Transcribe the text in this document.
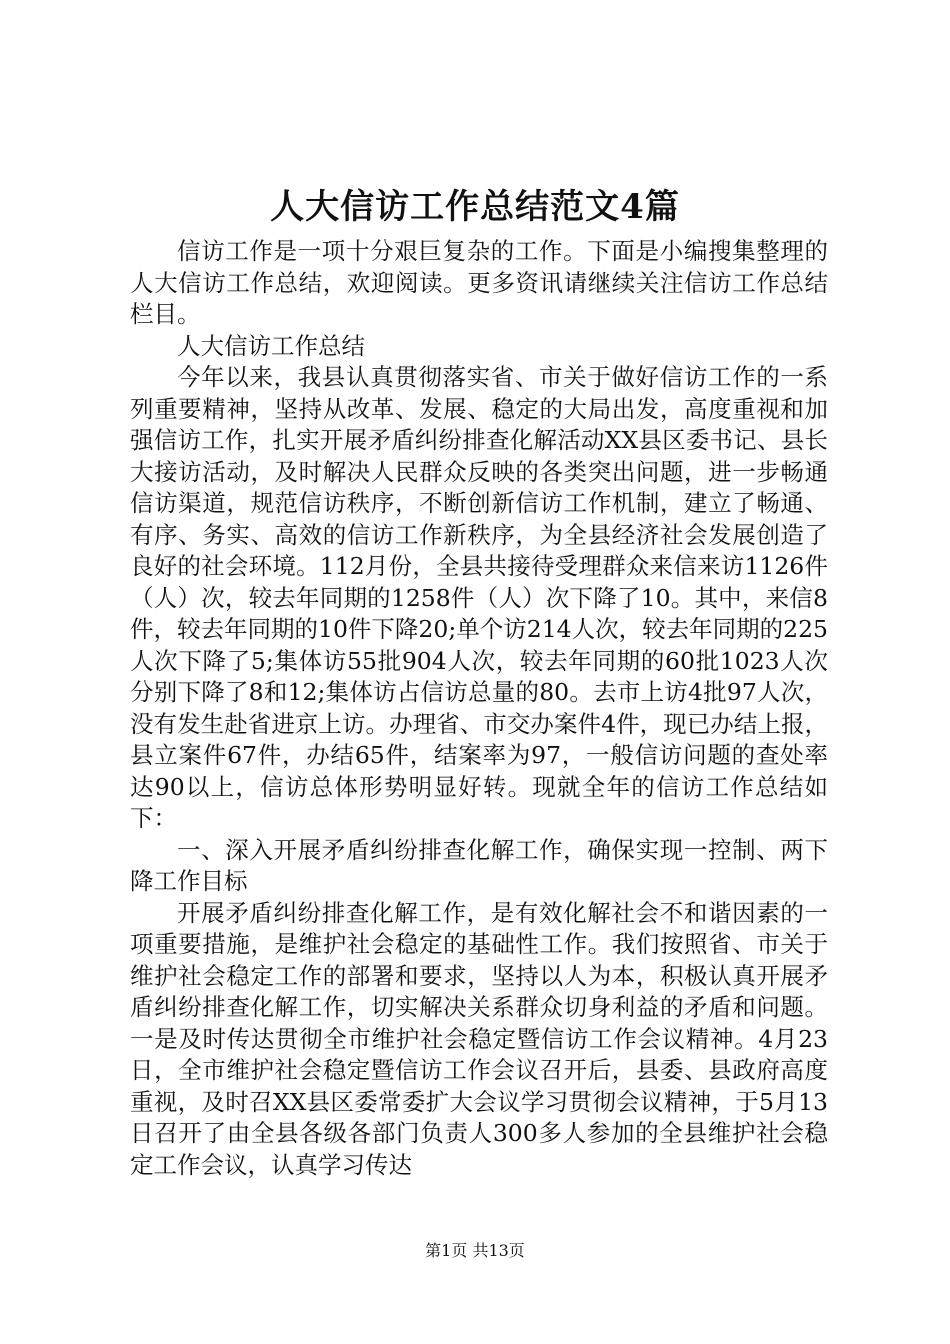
人大信访工作总结范文4篇

信访工作是一项十分艰巨复杂的工作。下面是小编搜集整理的人大信访工作总结，欢迎阅读。更多资讯请继续关注信访工作总结栏目。

人大信访工作总结

今年以来，我县认真贯彻落实省、市关于做好信访工作的一系列重要精神，坚持从改革、发展、稳定的大局出发，高度重视和加强信访工作，扎实开展矛盾纠纷排查化解活动XX县区委书记、县长大接访活动，及时解决人民群众反映的各类突出问题，进一步畅通信访渠道，规范信访秩序，不断创新信访工作机制，建立了畅通、有序、务实、高效的信访工作新秩序，为全县经济社会发展创造了良好的社会环境。112月份，全县共接待受理群众来信来访1126件（人）次，较去年同期的1258件（人）次下降了10。其中，来信8件，较去年同期的10件下降20;单个访214人次，较去年同期的225人次下降了5;集体访55批904人次，较去年同期的60批1023人次分别下降了8和12;集体访占信访总量的80。去市上访4批97人次，没有发生赴省进京上访。办理省、市交办案件4件，现已办结上报，县立案件67件，办结65件，结案率为97，一般信访问题的查处率达90以上，信访总体形势明显好转。现就全年的信访工作总结如下：

一、深入开展矛盾纠纷排查化解工作，确保实现一控制、两下降工作目标

开展矛盾纠纷排查化解工作，是有效化解社会不和谐因素的一项重要措施，是维护社会稳定的基础性工作。我们按照省、市关于维护社会稳定工作的部署和要求，坚持以人为本，积极认真开展矛盾纠纷排查化解工作，切实解决关系群众切身利益的矛盾和问题。一是及时传达贯彻全市维护社会稳定暨信访工作会议精神。4月23日，全市维护社会稳定暨信访工作会议召开后，县委、县政府高度重视，及时召XX县区委常委扩大会议学习贯彻会议精神，于5月13日召开了由全县各级各部门负责人300多人参加的全县维护社会稳定工作会议，认真学习传达

第1页 共13页
